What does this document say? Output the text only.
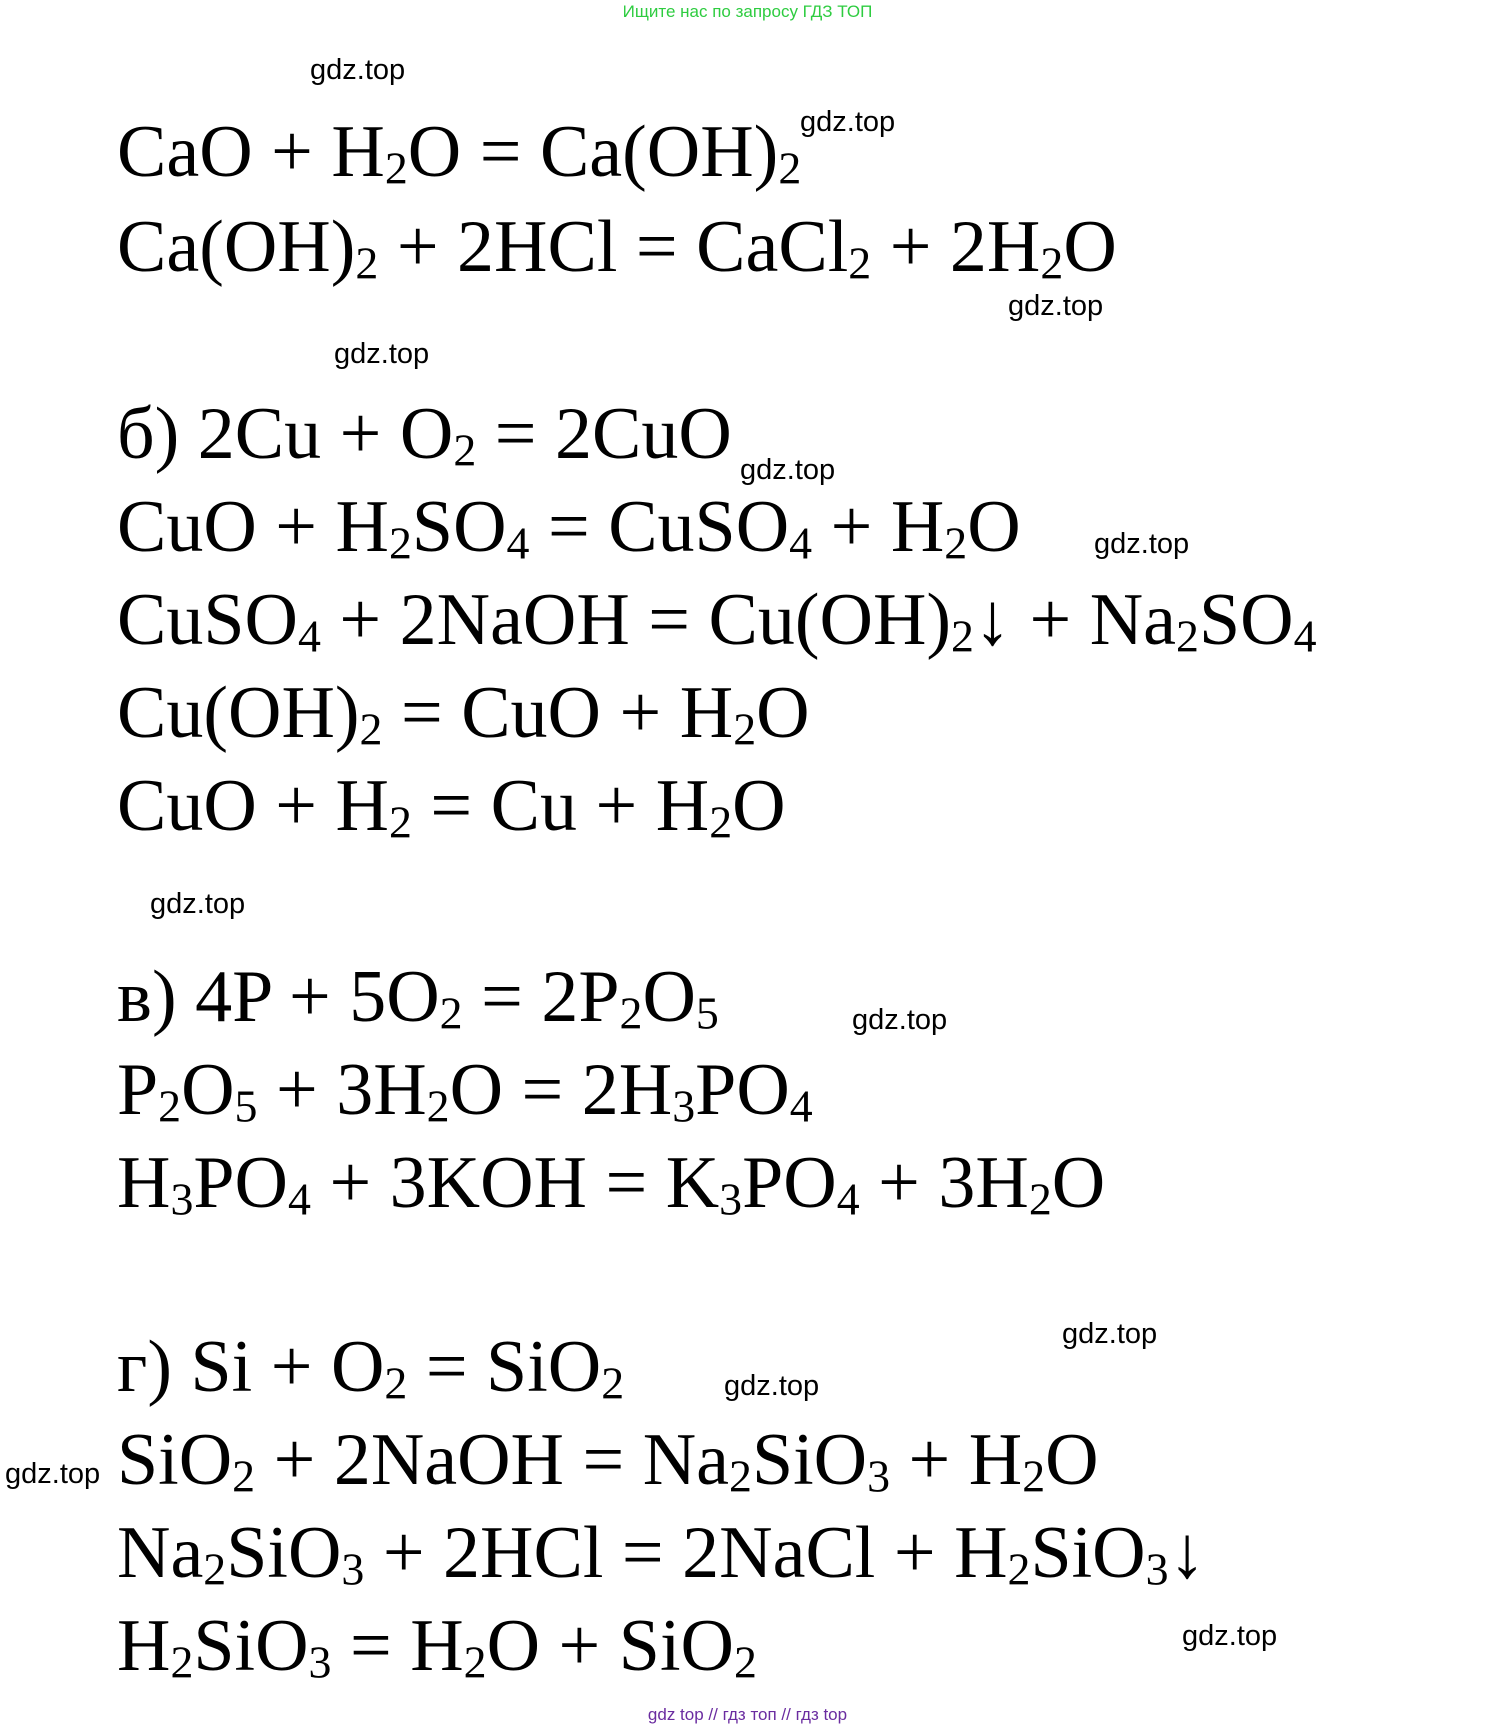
Ищите нас по запросу ГДЗ ТОП
gdz.top
gdz.top
gdz.top
gdz.top
gdz.top
gdz.top
gdz.top
gdz.top
gdz.top
gdz.top
gdz.top
gdz.top
CaO + $H_2O = Ca(OH)_2$
$Ca(OH)_2 + 2HCl$ = CaCl$_2$ + $2H_2O$
б) $2Cu + O_2 = 2CuO$
CuO + $H_2SO_4$ = CuSO$_4$ + $H_2O$
CuSO$_4$ + 2NaOH = $Cu(OH)_2↓ + Na_2SO_4$
$Cu(OH)_2$ = CuO + $H_2O$
CuO + $H_2 = Cu + H_2O$
в) $4P + 5O_2 = 2P_2O_5$
$P_2O_5 + 3H_2O = 2H_3PO_4$
$H_3PO_4 + 3KOH = K_3PO_4 + 3H_2O$
г) $Si + O_2 = SiO_2$
SiO$_2$ + 2NaOH = $Na_2SiO_3 + H_2O$
$Na_2SiO_3 + 2HCl$ = 2NaCl + $H_2SiO_3↓$
$H_2SiO_3 = H_2O + SiO_2$
gdz top // гдз топ // гдз top
